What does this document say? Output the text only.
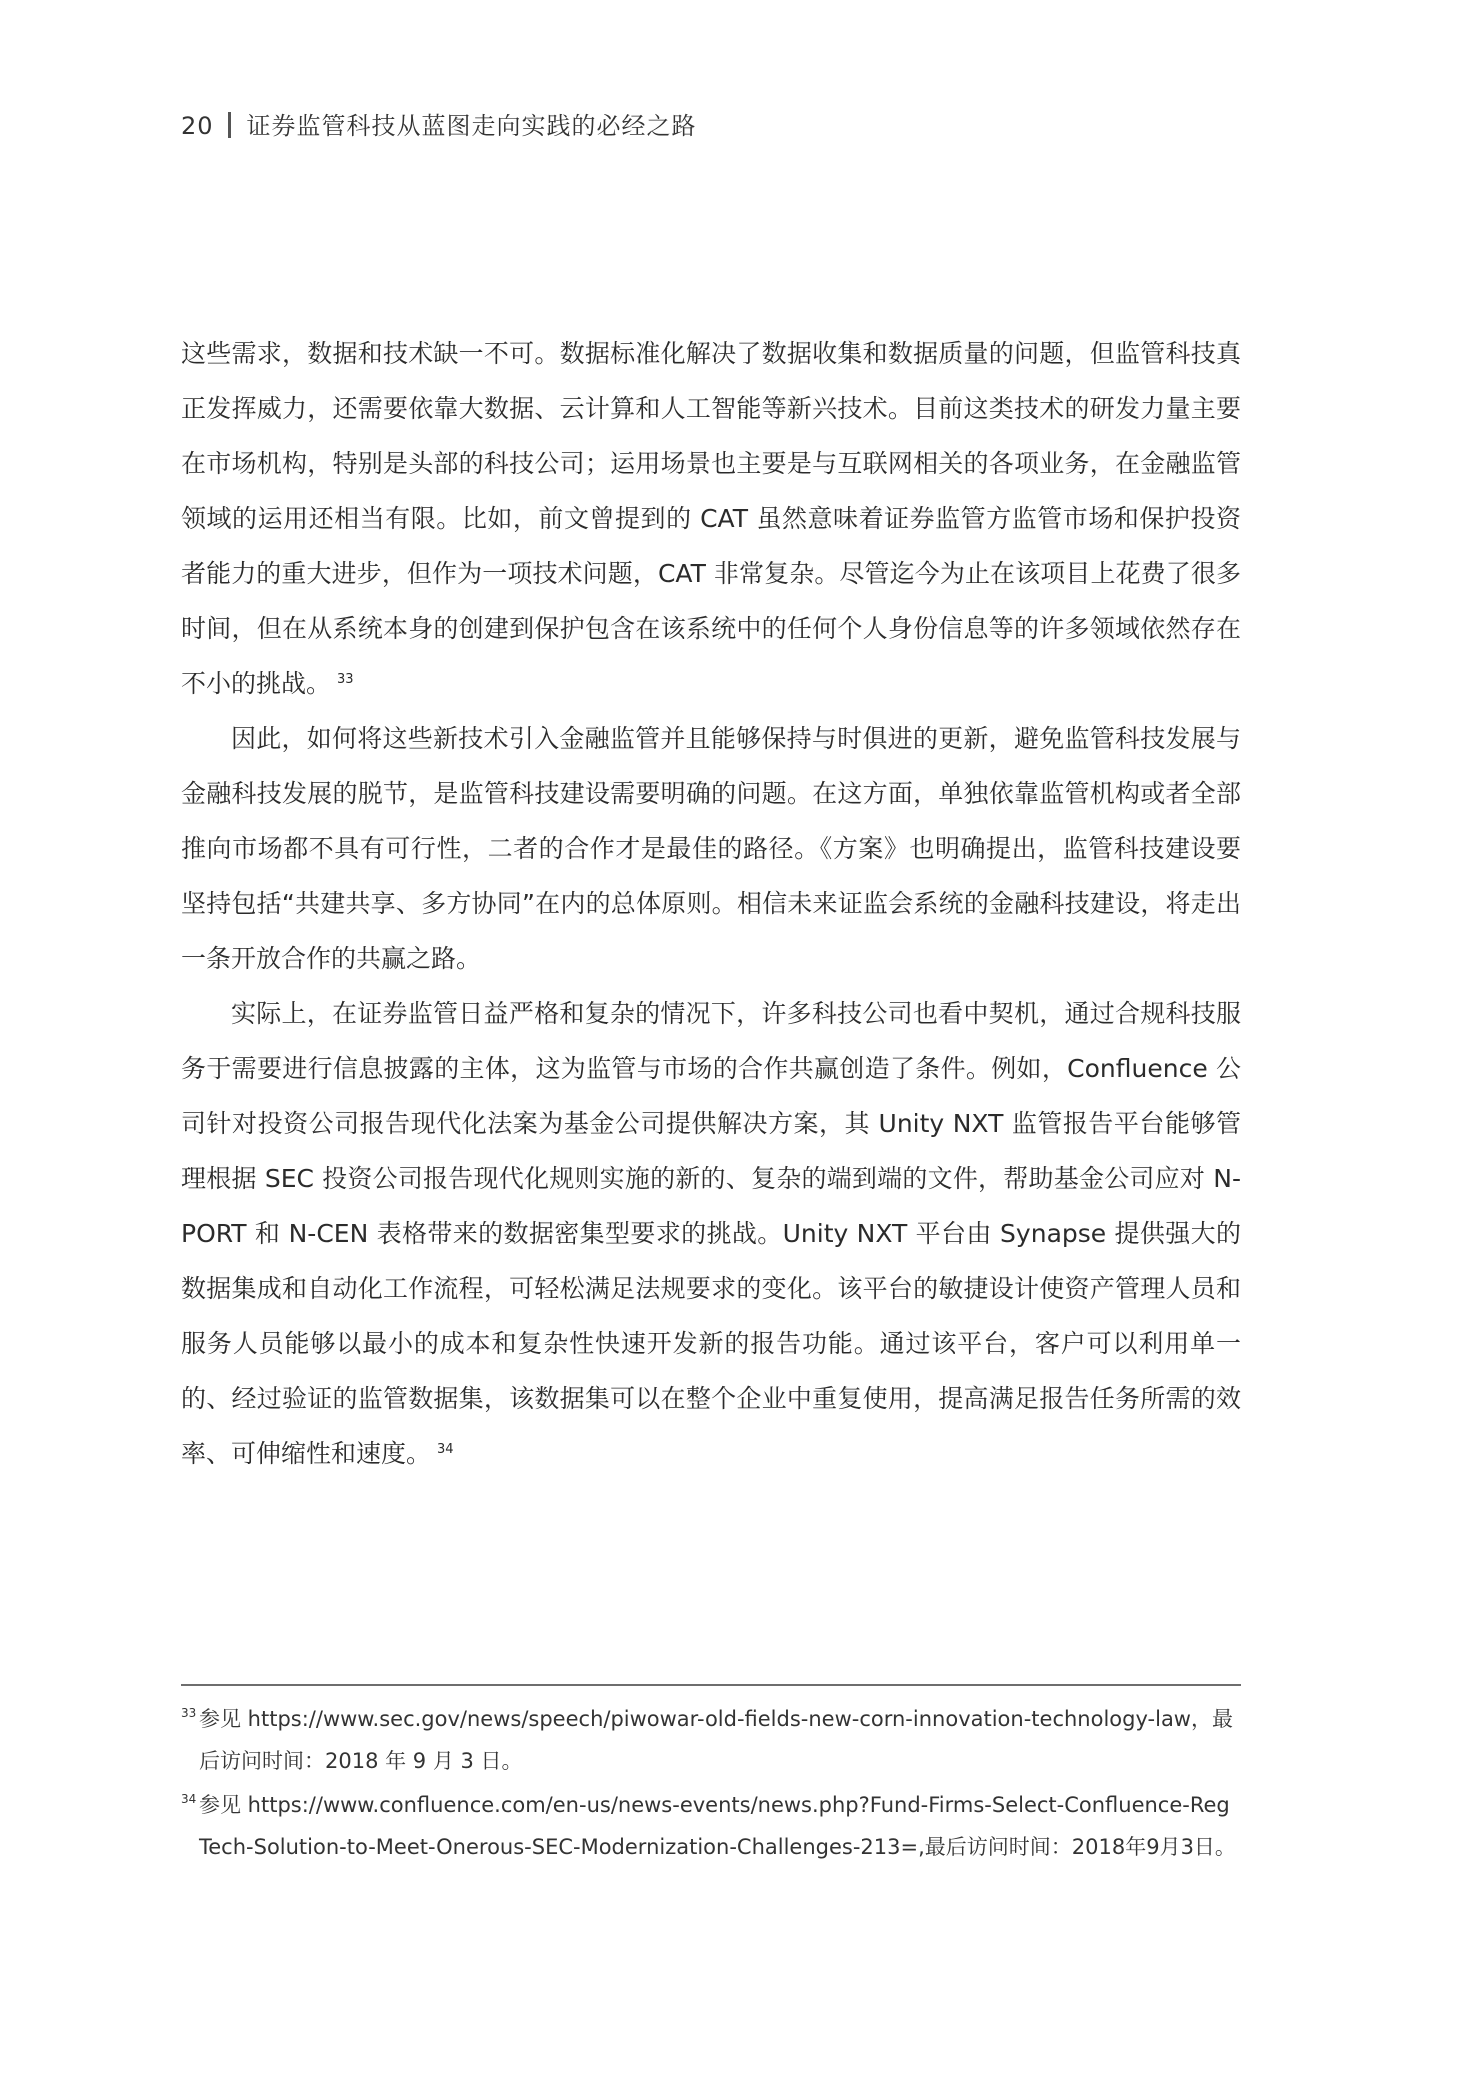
20 证券监管科技从蓝图走向实践的必经之路

这些需求，数据和技术缺一不可。数据标准化解决了数据收集和数据质量的问题，但监管科技真正发挥威力，还需要依靠大数据、云计算和人工智能等新兴技术。目前这类技术的研发力量主要在市场机构，特别是头部的科技公司；运用场景也主要是与互联网相关的各项业务，在金融监管领域的运用还相当有限。比如，前文曾提到的 CAT 虽然意味着证券监管方监管市场和保护投资者能力的重大进步，但作为一项技术问题，CAT 非常复杂。尽管迄今为止在该项目上花费了很多时间，但在从系统本身的创建到保护包含在该系统中的任何个人身份信息等的许多领域依然存在不小的挑战。 $^{33}$

因此，如何将这些新技术引入金融监管并且能够保持与时俱进的更新，避免监管科技发展与金融科技发展的脱节，是监管科技建设需要明确的问题。在这方面，单独依靠监管机构或者全部推向市场都不具有可行性，二者的合作才是最佳的路径。《方案》也明确提出，监管科技建设要坚持包括“共建共享、多方协同”在内的总体原则。相信未来证监会系统的金融科技建设，将走出一条开放合作的共赢之路。

实际上，在证券监管日益严格和复杂的情况下，许多科技公司也看中契机，通过合规科技服务于需要进行信息披露的主体，这为监管与市场的合作共赢创造了条件。例如，Confluence 公司针对投资公司报告现代化法案为基金公司提供解决方案，其 Unity NXT 监管报告平台能够管理根据 SEC 投资公司报告现代化规则实施的新的、复杂的端到端的文件，帮助基金公司应对 N-PORT 和 N-CEN 表格带来的数据密集型要求的挑战。Unity NXT 平台由 Synapse 提供强大的数据集成和自动化工作流程，可轻松满足法规要求的变化。该平台的敏捷设计使资产管理人员和服务人员能够以最小的成本和复杂性快速开发新的报告功能。通过该平台，客户可以利用单一的、经过验证的监管数据集，该数据集可以在整个企业中重复使用，提高满足报告任务所需的效率、可伸缩性和速度。 $^{34}$

33 参见 https://www.sec.gov/news/speech/piwowar-old-fields-new-corn-innovation-technology-law，最后访问时间：2018 年 9 月 3 日。
34 参见 https://www.confluence.com/en-us/news-events/news.php?Fund-Firms-Select-Confluence-RegTech-Solution-to-Meet-Onerous-SEC-Modernization-Challenges-213=,最后访问时间：2018年9月3日。
